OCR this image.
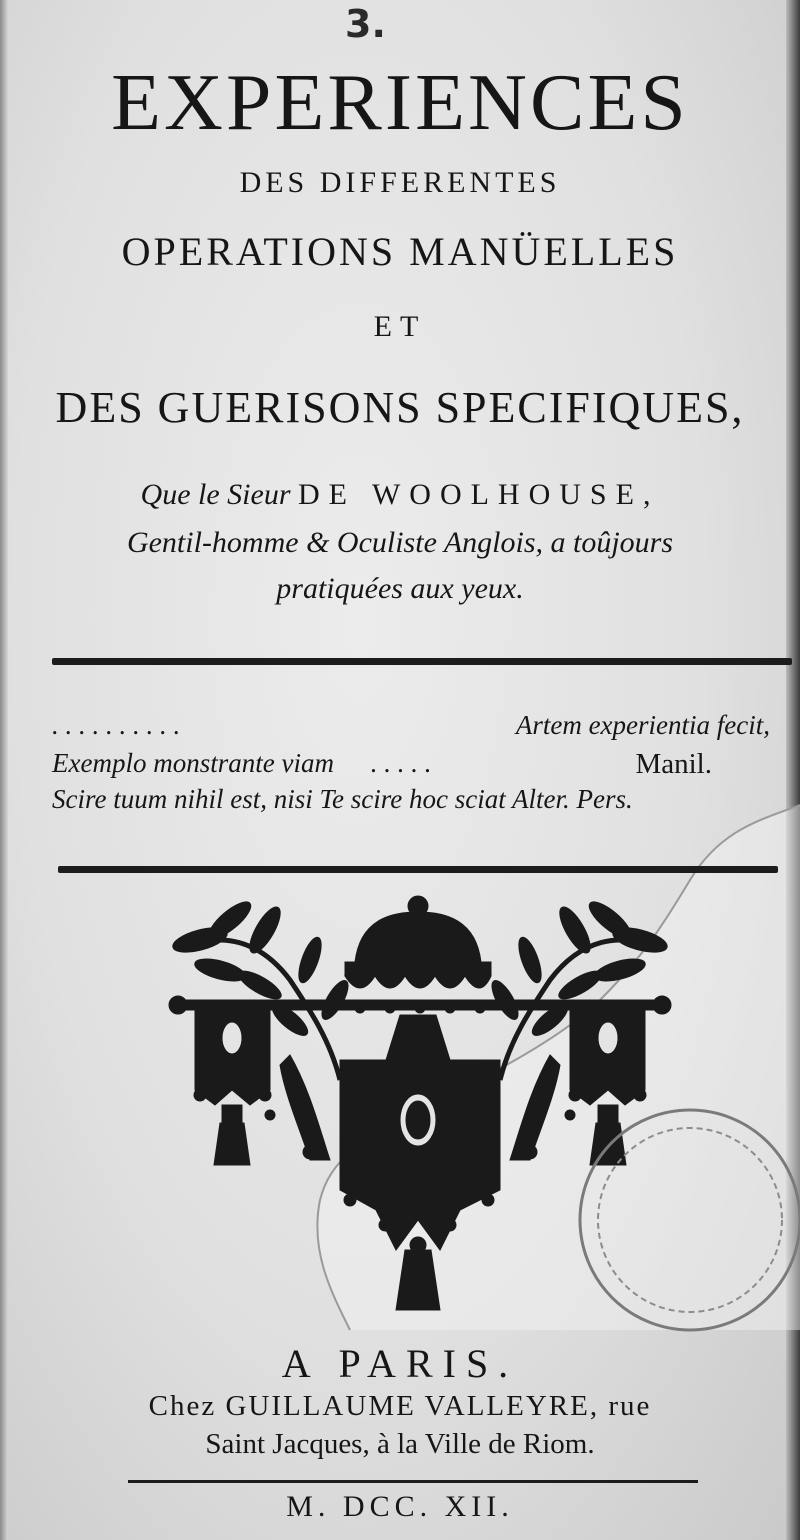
3.
EXPERIENCES
DES DIFFERENTES
OPERATIONS MANÜELLES
ET
DES GUERISONS SPECIFIQUES,
Que le Sieur DE WOOLHOUSE,
Gentil-homme & Oculiste Anglois, a toûjours
pratiquées aux yeux.
. . . . . . . . . .	Artem experientia fecit,
Exemplo monstrante viam . . . . .	Manil.
Scire tuum nihil est, nisi Te scire hoc sciat Alter. Pers.
A PARIS.
Chez GUILLAUME VALLEYRE, rue
Saint Jacques, à la Ville de Riom.
M. DCC. XII.
